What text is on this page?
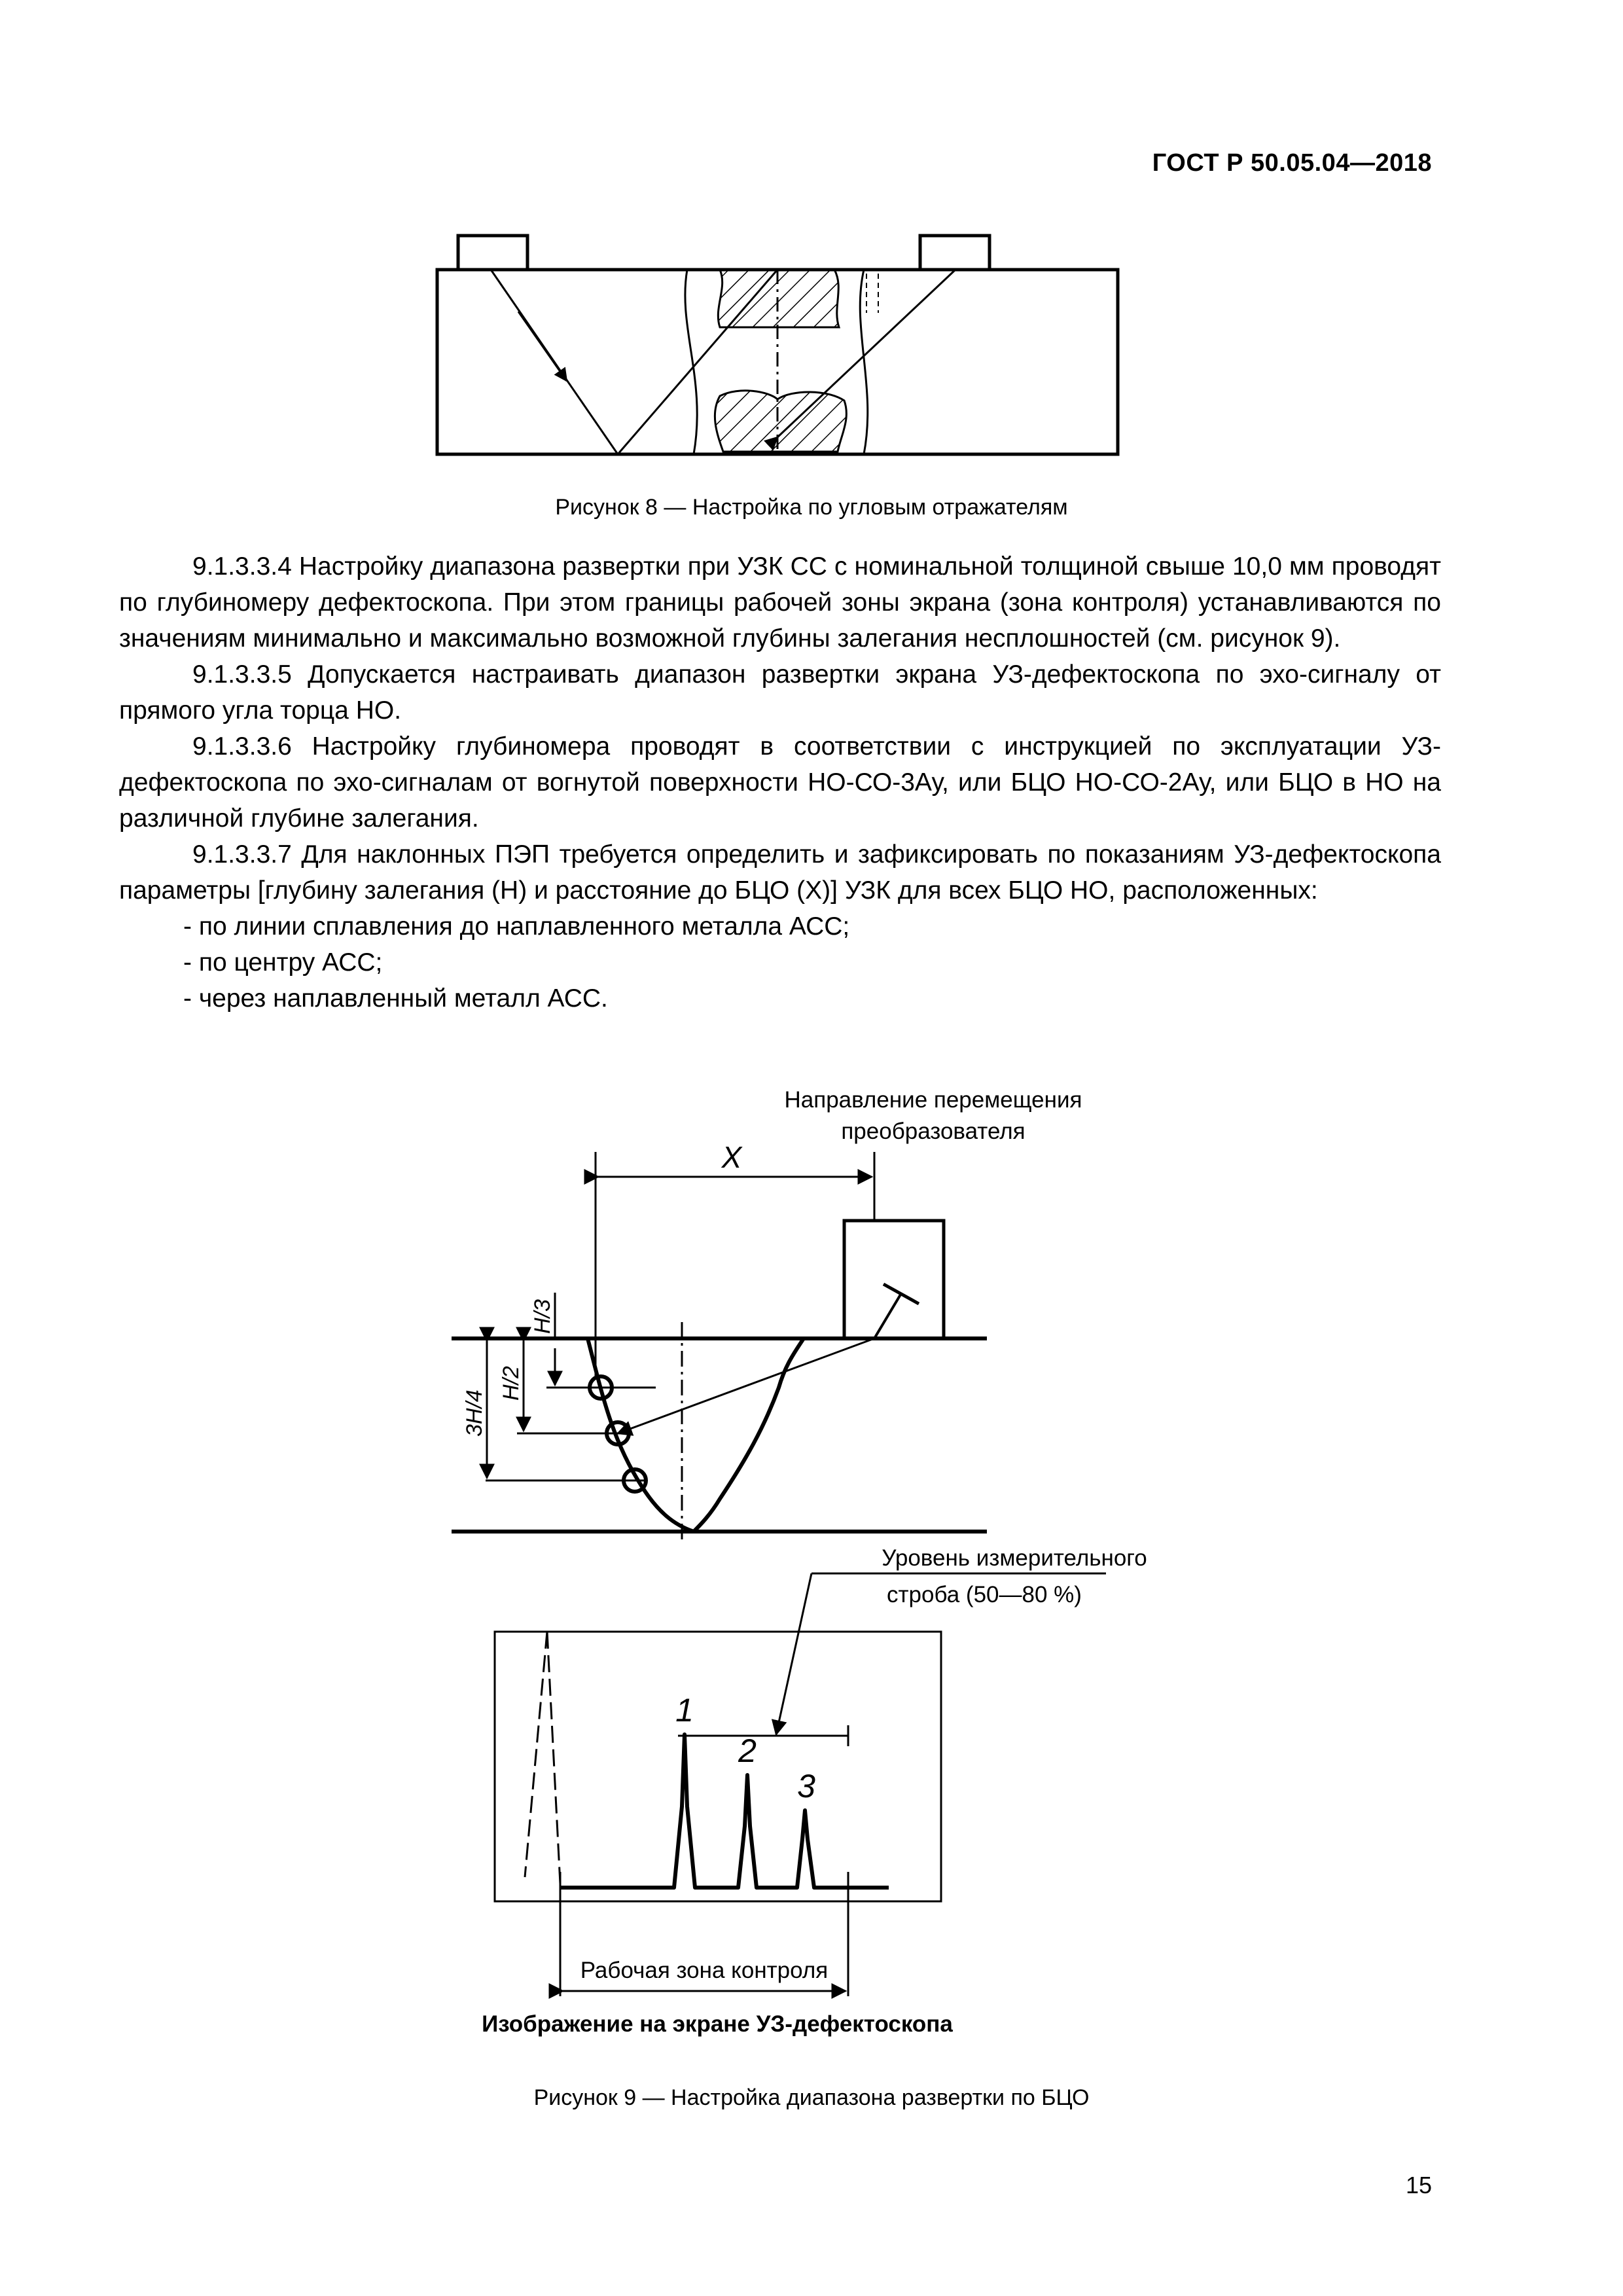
ГОСТ Р 50.05.04—2018
Рисунок 8 — Настройка по угловым отражателям

9.1.3.3.4 Настройку диапазона развертки при УЗК СС с номинальной толщиной свыше 10,0 мм проводят по глубиномеру дефектоскопа. При этом границы рабочей зоны экрана (зона контроля) устанавливаются по значениям минимально и максимально возможной глубины залегания несплошностей (см. рисунок 9).

9.1.3.3.5 Допускается настраивать диапазон развертки экрана УЗ-дефектоскопа по эхо-сигналу от прямого угла торца НО.

9.1.3.3.6 Настройку глубиномера проводят в соответствии с инструкцией по эксплуатации УЗ-дефектоскопа по эхо-сигналам от вогнутой поверхности НО-СО-3Ау, или БЦО НО-СО-2Ау, или БЦО в НО на различной глубине залегания.

9.1.3.3.7 Для наклонных ПЭП требуется определить и зафиксировать по показаниям УЗ-дефектоскопа параметры [глубину залегания (Н) и расстояние до БЦО (Х)] УЗК для всех БЦО НО, расположенных:

- по линии сплавления до наплавленного металла АСС;
- по центру АСС;
- через наплавленный металл АСС.
Направление перемещения
преобразователя
X
H/3
H/2
3H/4
Уровень измерительного
строба (50—80 %)
1
2
3
Рабочая зона контроля
Изображение на экране УЗ-дефектоскопа
Рисунок 9 — Настройка диапазона развертки по БЦО
15
